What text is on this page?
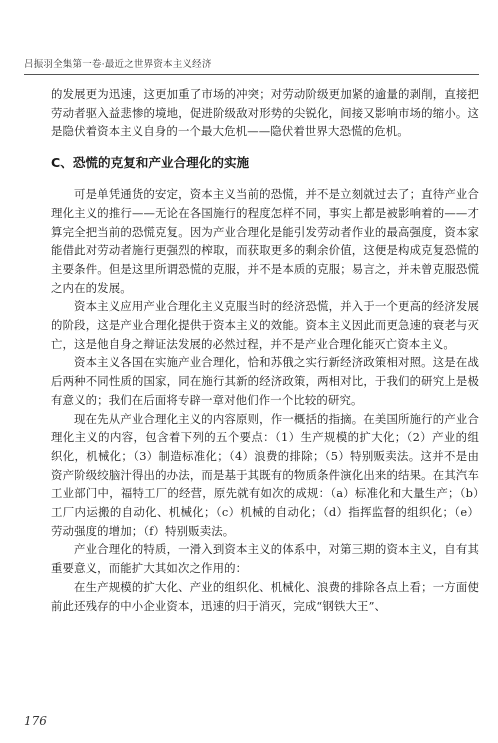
吕振羽全集第一卷·最近之世界资本主义经济

的发展更为迅速，这更加重了市场的冲突；对劳动阶级更加紧的逾量的剥削，直接把劳动者驱入益悲惨的境地，促进阶级敌对形势的尖锐化，间接又影响市场的缩小。这是隐伏着资本主义自身的一个最大危机——隐伏着世界大恐慌的危机。

C、恐慌的克复和产业合理化的实施

可是单凭通货的安定，资本主义当前的恐慌，并不是立刻就过去了；直待产业合理化主义的推行——无论在各国施行的程度怎样不同，事实上都是被影响着的——才算完全把当前的恐慌克复。因为产业合理化是能引发劳动者作业的最高强度，资本家能借此对劳动者施行更强烈的榨取，而获取更多的剩余价值，这便是构成克复恐慌的主要条件。但是这里所谓恐慌的克服，并不是本质的克服；易言之，并未曾克服恐慌之内在的发展。

资本主义应用产业合理化主义克服当时的经济恐慌，并入于一个更高的经济发展的阶段，这是产业合理化提供于资本主义的效能。资本主义因此而更急速的衰老与灭亡，这是他自身之辩证法发展的必然过程，并不是产业合理化能灭亡资本主义。

资本主义各国在实施产业合理化，恰和苏俄之实行新经济政策相对照。这是在战后两种不同性质的国家，同在施行其新的经济政策，两相对比，于我们的研究上是极有意义的；我们在后面将专辟一章对他们作一个比较的研究。

现在先从产业合理化主义的内容原则，作一概括的指摘。在美国所施行的产业合理化主义的内容，包含着下列的五个要点：（1）生产规模的扩大化；（2）产业的组织化，机械化；（3）制造标准化；（4）浪费的排除；（5）特别贩卖法。这并不是由资产阶级绞脑汁得出的办法，而是基于其既有的物质条件演化出来的结果。在其汽车工业部门中，福特工厂的经营，原先就有如次的成规：（a）标准化和大量生产；（b）工厂内运搬的自动化、机械化；（c）机械的自动化；（d）指挥监督的组织化；（e）劳动强度的增加；（f）特别贩卖法。

产业合理化的特质，一滑入到资本主义的体系中，对第三期的资本主义，自有其重要意义，而能扩大其如次之作用的：

在生产规模的扩大化、产业的组织化、机械化、浪费的排除各点上看；一方面使前此还残存的中小企业资本，迅速的归于消灭，完成“钢铁大王”、

176
